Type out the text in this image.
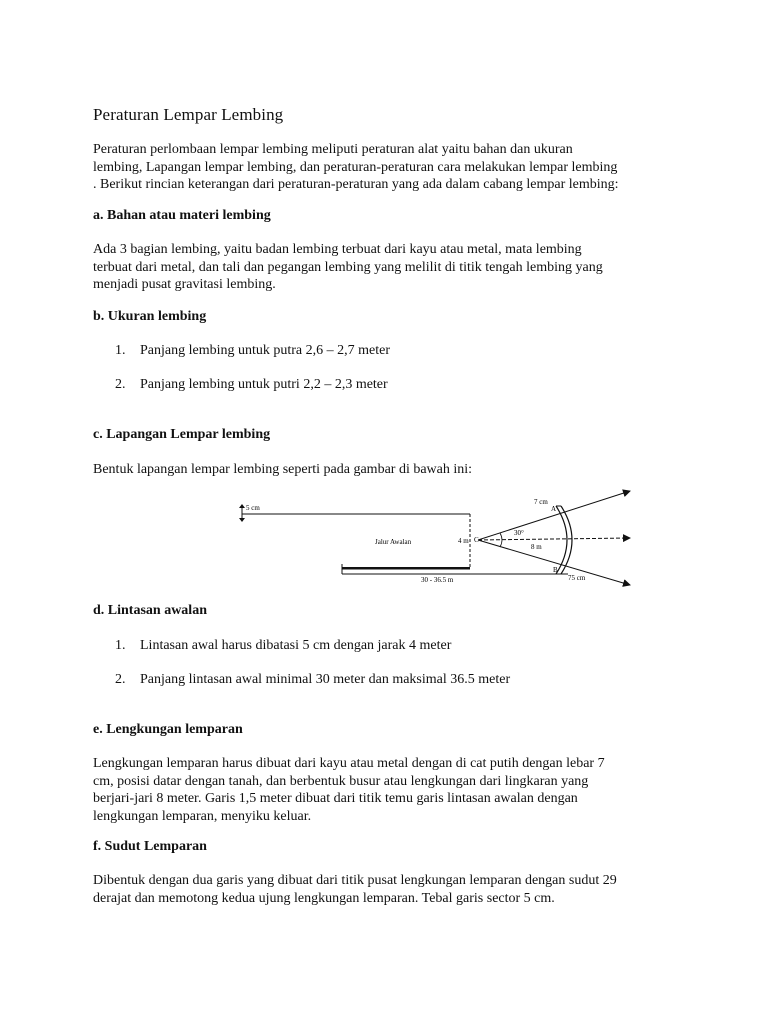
Peraturan Lempar Lembing
Peraturan perlombaan lempar lembing meliputi peraturan alat yaitu bahan dan ukuran
lembing, Lapangan lempar lembing, dan peraturan-peraturan cara melakukan lempar lembing
. Berikut rincian keterangan dari peraturan-peraturan yang ada dalam cabang lempar lembing:
a. Bahan atau materi lembing
Ada 3 bagian lembing, yaitu badan lembing terbuat dari kayu atau metal, mata lembing
terbuat dari metal, dan tali dan pegangan lembing yang melilit di titik tengah lembing yang
menjadi pusat gravitasi lembing.
b. Ukuran lembing
1. Panjang lembing untuk putra 2,6 – 2,7 meter
2. Panjang lembing untuk putri 2,2 – 2,3 meter
c. Lapangan Lempar lembing
Bentuk lapangan lempar lembing seperti pada gambar di bawah ini:
5 cm
Jalur Awalan	4 m C
30°
8 m
7 cm
A
B
30 - 36.5 m	75 cm
d. Lintasan awalan
1. Lintasan awal harus dibatasi 5 cm dengan jarak 4 meter
2. Panjang lintasan awal minimal 30 meter dan maksimal 36.5 meter
e. Lengkungan lemparan
Lengkungan lemparan harus dibuat dari kayu atau metal dengan di cat putih dengan lebar 7
cm, posisi datar dengan tanah, dan berbentuk busur atau lengkungan dari lingkaran yang
berjari-jari 8 meter. Garis 1,5 meter dibuat dari titik temu garis lintasan awalan dengan
lengkungan lemparan, menyiku keluar.
f. Sudut Lemparan
Dibentuk dengan dua garis yang dibuat dari titik pusat lengkungan lemparan dengan sudut 29
derajat dan memotong kedua ujung lengkungan lemparan. Tebal garis sector 5 cm.
